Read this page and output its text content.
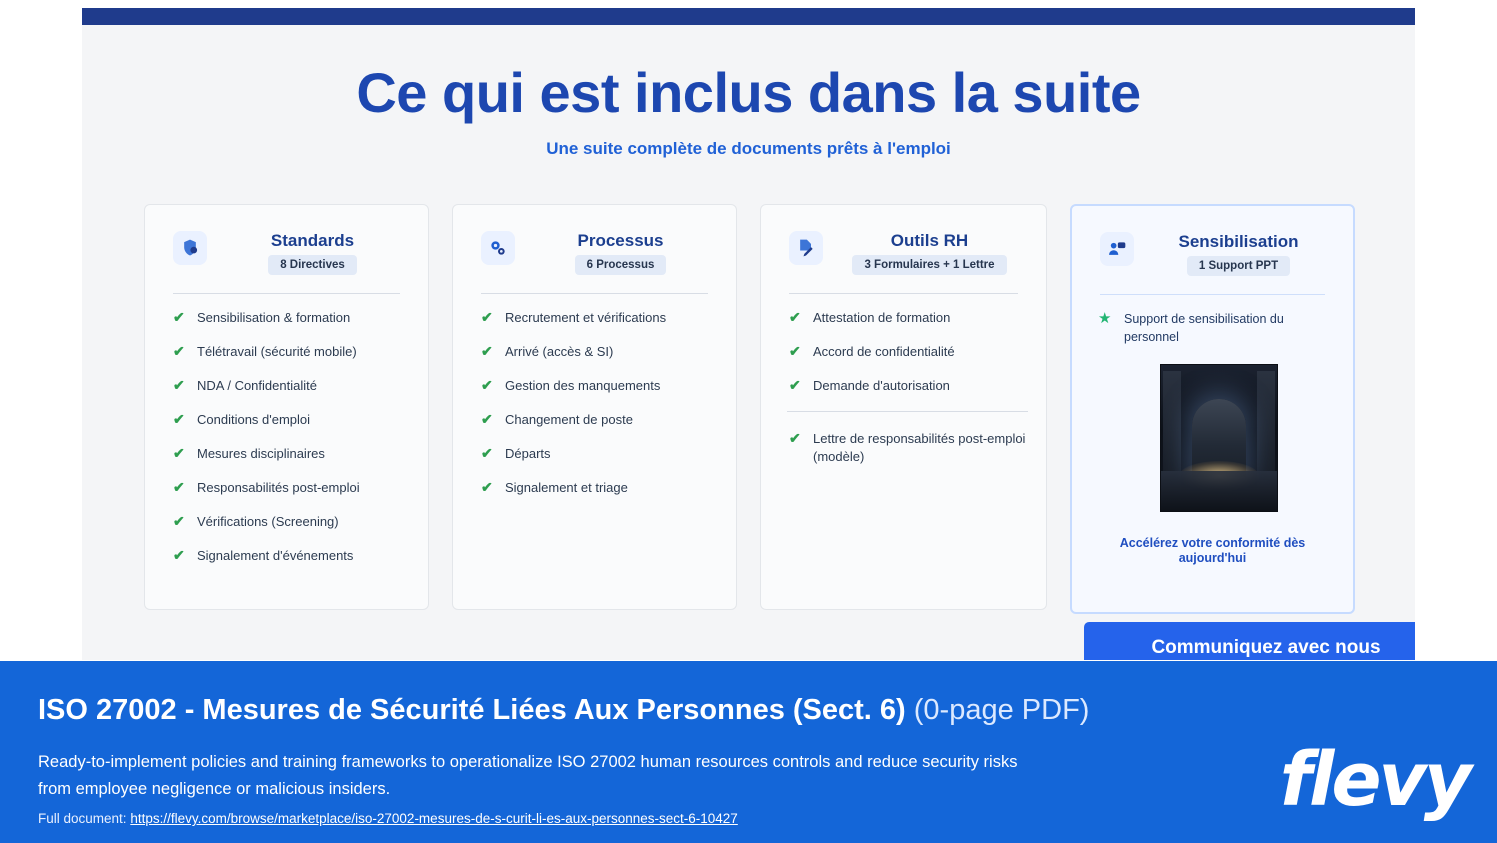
Ce qui est inclus dans la suite
Une suite complète de documents prêts à l'emploi
Standards
8 Directives
✔ Sensibilisation & formation
✔ Télétravail (sécurité mobile)
✔ NDA / Confidentialité
✔ Conditions d'emploi
✔ Mesures disciplinaires
✔ Responsabilités post-emploi
✔ Vérifications (Screening)
✔ Signalement d'événements
Processus
6 Processus
✔ Recrutement et vérifications
✔ Arrivé (accès & SI)
✔ Gestion des manquements
✔ Changement de poste
✔ Départs
✔ Signalement et triage
Outils RH
3 Formulaires + 1 Lettre
✔ Attestation de formation
✔ Accord de confidentialité
✔ Demande d'autorisation
✔ Lettre de responsabilités post-emploi (modèle)
Sensibilisation
1 Support PPT
★ Support de sensibilisation du personnel
Accélérez votre conformité dès aujourd'hui
Communiquez avec nous
ISO 27002 - Mesures de Sécurité Liées Aux Personnes (Sect. 6) (0-page PDF)
Ready-to-implement policies and training frameworks to operationalize ISO 27002 human resources controls and reduce security risks from employee negligence or malicious insiders.
Full document: https://flevy.com/browse/marketplace/iso-27002-mesures-de-s-curit-li-es-aux-personnes-sect-6-10427	flevy
